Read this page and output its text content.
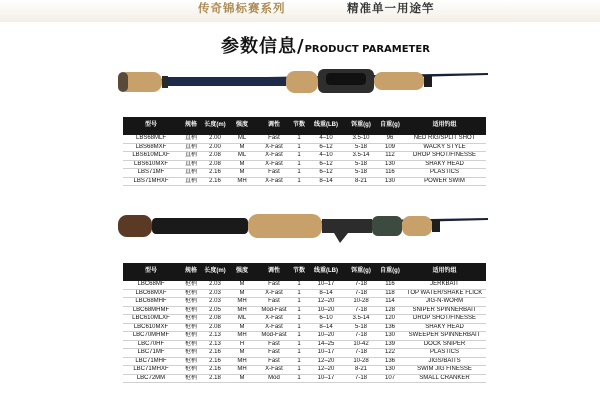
传奇锦标赛系列	精准单一用途竿
参数信息/PRODUCT PARAMETER
型号	规格	长度(m)	强度	调性	节数	线重(LB)	饵重(g)	自重(g)	适用钓组
LBS68MLF	直柄	2.00	ML	Fast	1	4–10	3.5-10	96	NED RIG/SPLIT SHOT
LBS68MXF	直柄	2.00	M	X-Fast	1	6–12	5-18	109	WACKY STYLE
LBS610MLXF	直柄	2.08	ML	X-Fast	1	4–10	3.5-14	112	DROP SHOT/FINESSE
LBS610MXF	直柄	2.08	M	X-Fast	1	6–12	5-18	130	SHAKY HEAD
LBS71MF	直柄	2.16	M	Fast	1	6–12	5-18	116	PLASTICS
LBS71MHXF	直柄	2.16	MH	X-Fast	1	8–14	8-21	130	POWER SWIM
型号	规格	长度(m)	强度	调性	节数	线重(LB)	饵重(g)	自重(g)	适用钓组
LBC68MF	枪柄	2.03	M	Fast	1	10–17	7-18	116	JERKBAIT
LBC68MXF	枪柄	2.03	M	X-Fast	1	8–14	7-18	118	TOP WATER/SHAKE FLICK
LBC68MHF	枪柄	2.03	MH	Fast	1	12–20	10-28	114	JIG-N-WORM
LBC68MHMF	枪柄	2.05	MH	Mod-Fast	1	10–20	7-18	128	SNIPER SPINNERBAIT
LBC610MLXF	枪柄	2.08	ML	X-Fast	1	6–10	3.5-14	120	DROP SHOT/FINESSE
LBC610MXF	枪柄	2.08	M	X-Fast	1	8–14	5-18	136	SHAKY HEAD
LBC70MHMF	枪柄	2.13	MH	Mod-Fast	1	10–20	7-18	130	SWEEPER SPINNERBAIT
LBC70HF	枪柄	2.13	H	Fast	1	14–25	10-42	139	DOCK SNIPER
LBC71MF	枪柄	2.16	M	Fast	1	10–17	7-18	122	PLASTICS
LBC71MHF	枪柄	2.16	MH	Fast	1	12–20	10-28	136	JIGS/BAITS
LBC71MHXF	枪柄	2.16	MH	X-Fast	1	12–20	8-21	130	SWIM JIG FINESSE
LBC72MM	枪柄	2.18	M	Mod	1	10–17	7-18	107	SMALL CRANKER
